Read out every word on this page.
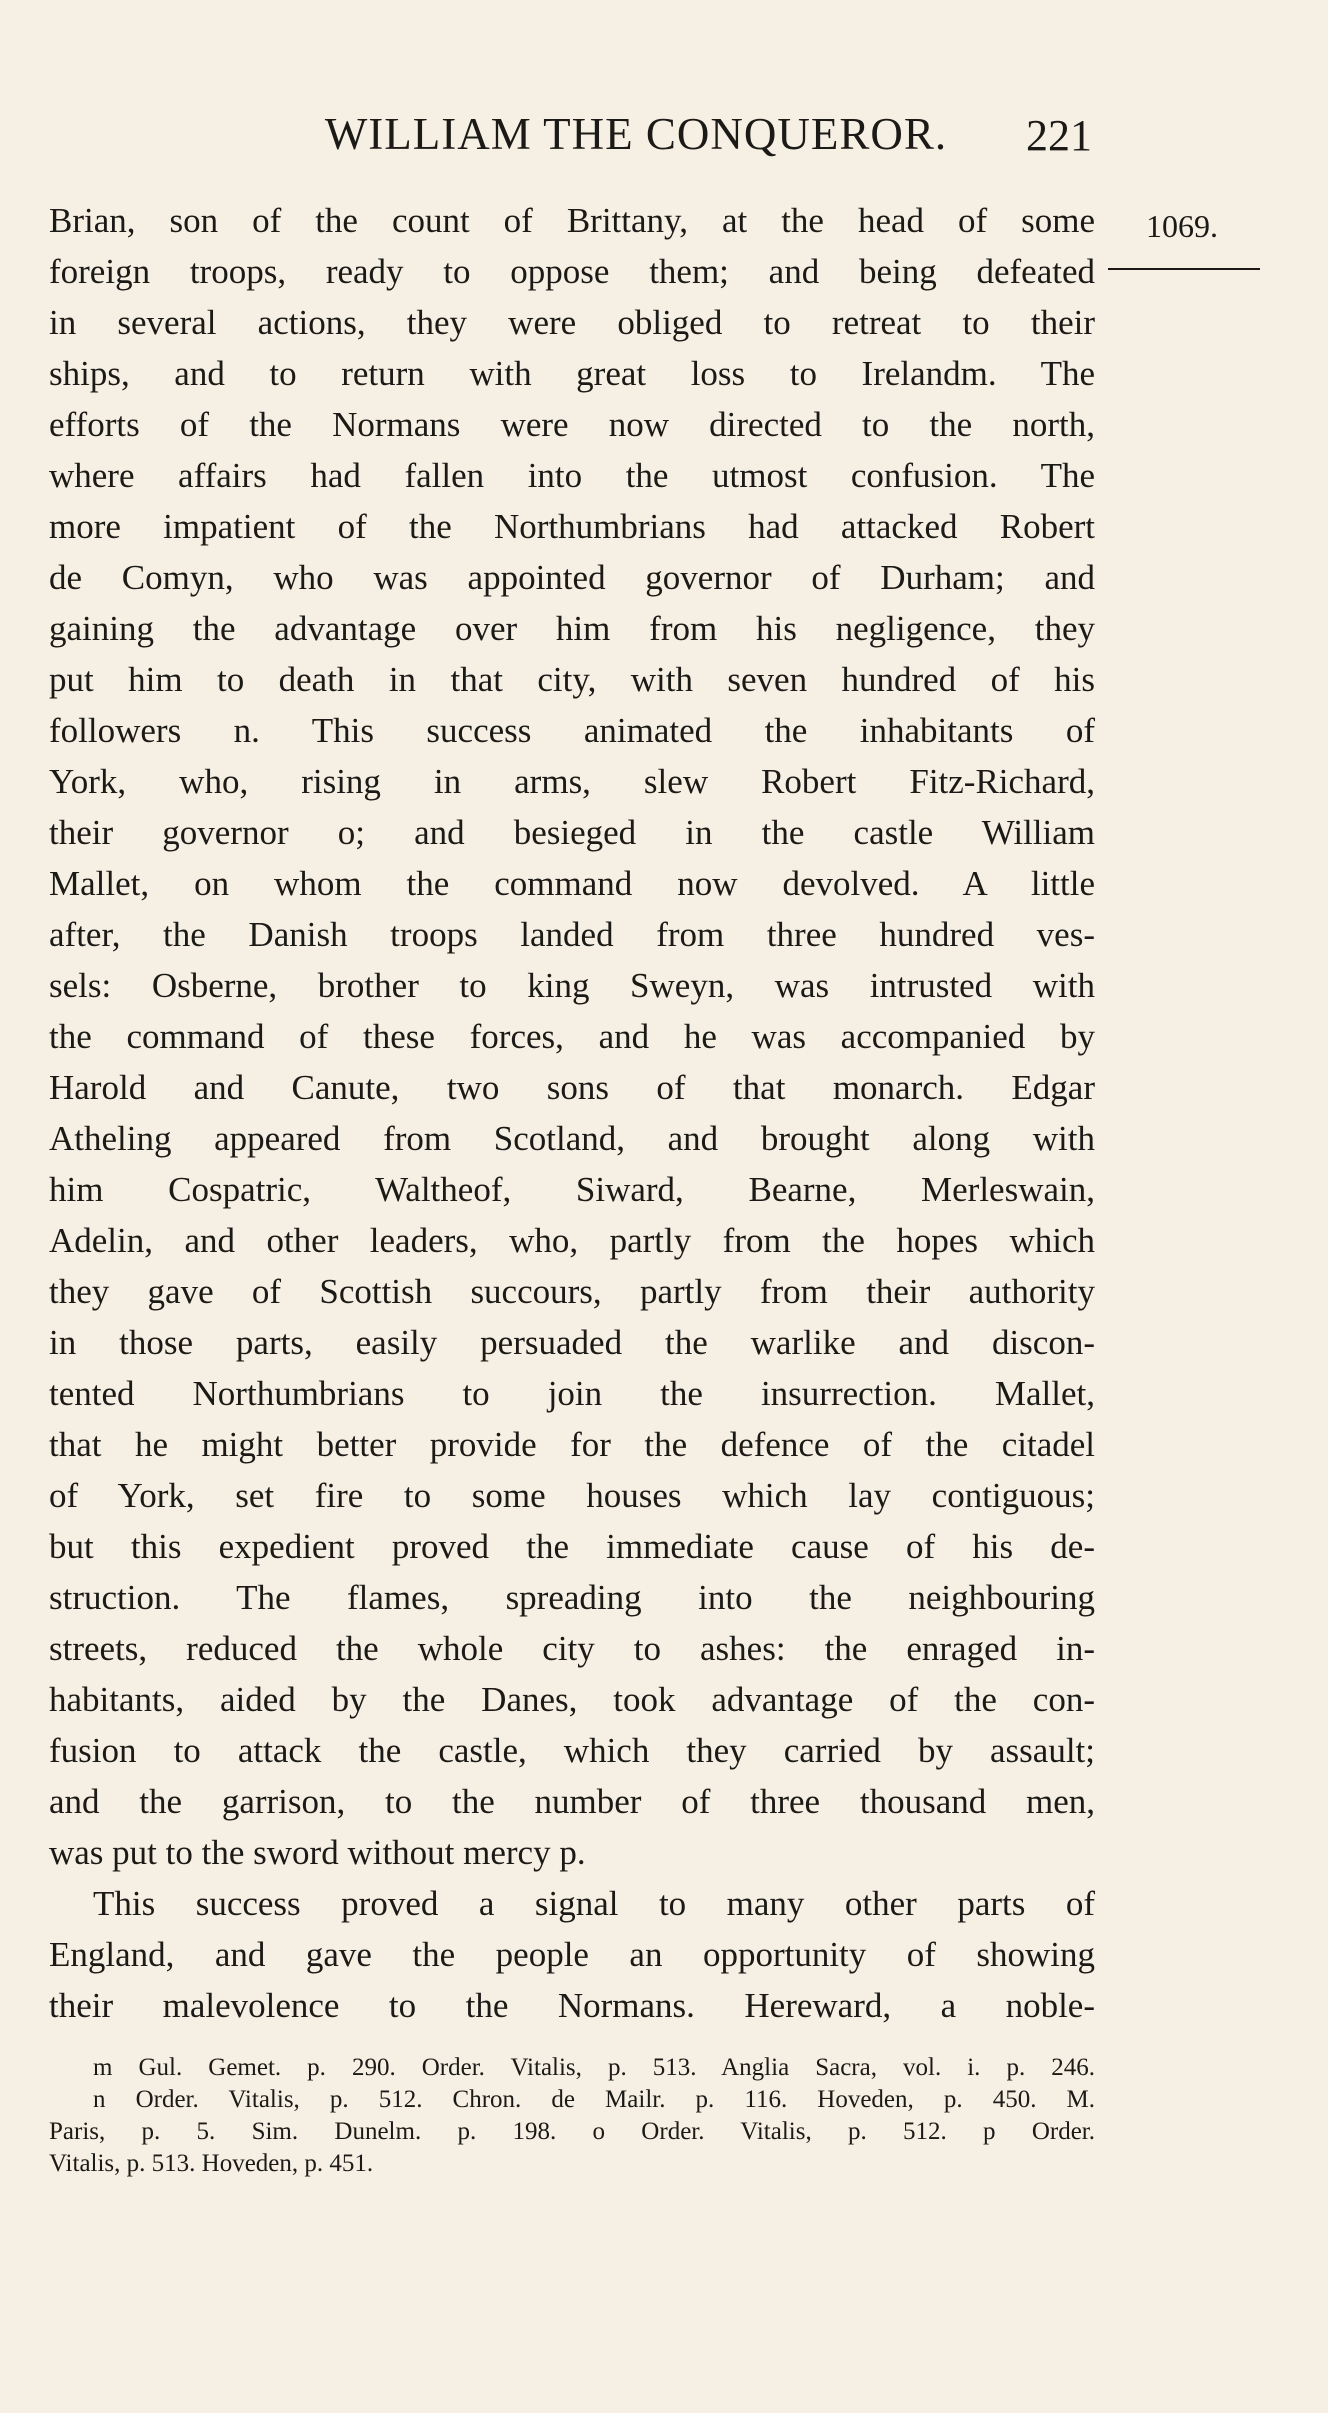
WILLIAM THE CONQUEROR.	221
1069.
Brian, son of the count of Brittany, at the head of some
foreign troops, ready to oppose them; and being defeated
in several actions, they were obliged to retreat to their
ships, and to return with great loss to Irelandm. The
efforts of the Normans were now directed to the north,
where affairs had fallen into the utmost confusion. The
more impatient of the Northumbrians had attacked Robert
de Comyn, who was appointed governor of Durham; and
gaining the advantage over him from his negligence, they
put him to death in that city, with seven hundred of his
followers n. This success animated the inhabitants of
York, who, rising in arms, slew Robert Fitz-Richard,
their governor o; and besieged in the castle William
Mallet, on whom the command now devolved. A little
after, the Danish troops landed from three hundred ves-
sels: Osberne, brother to king Sweyn, was intrusted with
the command of these forces, and he was accompanied by
Harold and Canute, two sons of that monarch. Edgar
Atheling appeared from Scotland, and brought along with
him Cospatric, Waltheof, Siward, Bearne, Merleswain,
Adelin, and other leaders, who, partly from the hopes which
they gave of Scottish succours, partly from their authority
in those parts, easily persuaded the warlike and discon-
tented Northumbrians to join the insurrection. Mallet,
that he might better provide for the defence of the citadel
of York, set fire to some houses which lay contiguous;
but this expedient proved the immediate cause of his de-
struction. The flames, spreading into the neighbouring
streets, reduced the whole city to ashes: the enraged in-
habitants, aided by the Danes, took advantage of the con-
fusion to attack the castle, which they carried by assault;
and the garrison, to the number of three thousand men,
was put to the sword without mercy p.
This success proved a signal to many other parts of
England, and gave the people an opportunity of showing
their malevolence to the Normans. Hereward, a noble-
m Gul. Gemet. p. 290. Order. Vitalis, p. 513. Anglia Sacra, vol. i. p. 246.
n Order. Vitalis, p. 512. Chron. de Mailr. p. 116. Hoveden, p. 450. M.
Paris, p. 5. Sim. Dunelm. p. 198. o Order. Vitalis, p. 512. p Order.
Vitalis, p. 513. Hoveden, p. 451.
